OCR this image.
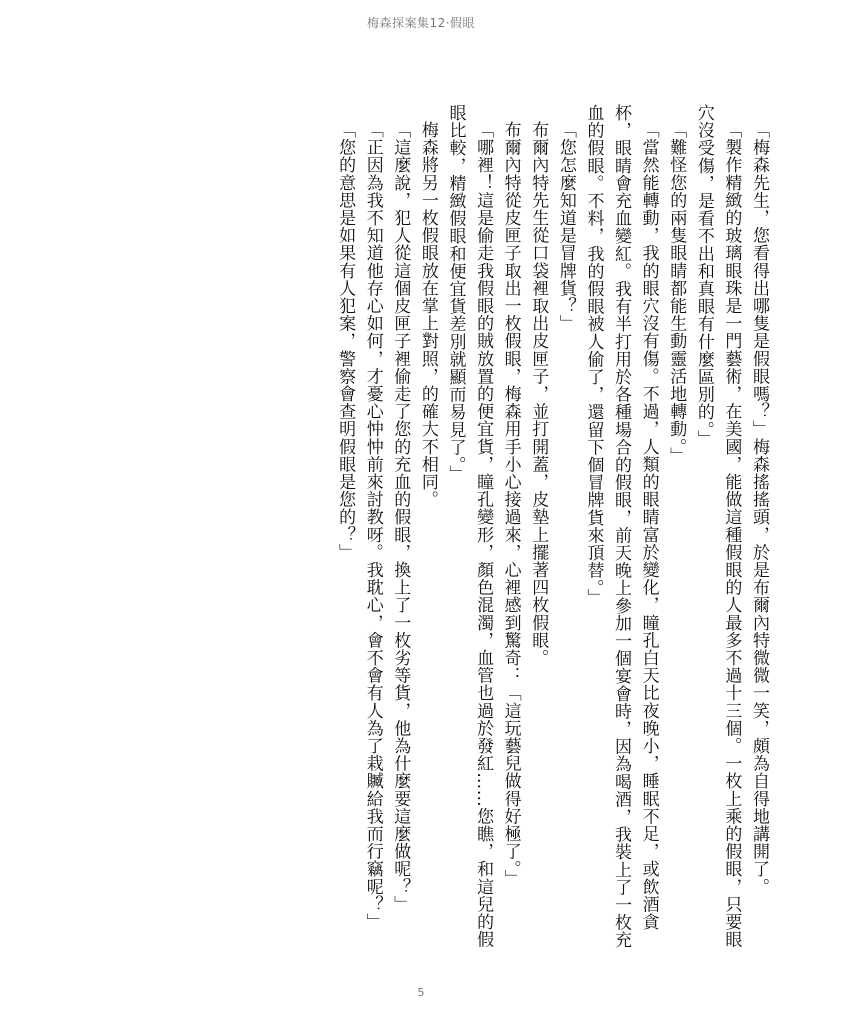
梅森探案集12·假眼

「梅森先生，您看得出哪隻是假眼嗎？」梅森搖搖頭，於是布爾內特微微一笑，頗為自得地講開了。

「製作精緻的玻璃眼珠是一門藝術，在美國，能做這種假眼的人最多不過十三個。一枚上乘的假眼，只要眼穴沒受傷，是看不出和真眼有什麼區別的。」

「難怪您的兩隻眼睛都能生動靈活地轉動。」

「當然能轉動，我的眼穴沒有傷。不過，人類的眼睛富於變化，瞳孔白天比夜晚小，睡眠不足，或飲酒貪杯，眼睛會充血變紅。我有半打用於各種場合的假眼，前天晚上參加一個宴會時，因為喝酒，我裝上了一枚充血的假眼。不料，我的假眼被人偷了，還留下個冒牌貨來頂替。」

「您怎麼知道是冒牌貨？」

布爾內特先生從口袋裡取出皮匣子，並打開蓋，皮墊上擺著四枚假眼。

布爾內特從皮匣子取出一枚假眼，梅森用手小心接過來，心裡感到驚奇：「這玩藝兒做得好極了。」

「哪裡！這是偷走我假眼的賊放置的便宜貨，瞳孔變形，顏色混濁，血管也過於發紅……您瞧，和這兒的假眼比較，精緻假眼和便宜貨差別就顯而易見了。」

梅森將另一枚假眼放在掌上對照，的確大不相同。

「這麼說，犯人從這個皮匣子裡偷走了您的充血的假眼，換上了一枚劣等貨，他為什麼要這麼做呢？」

「正因為我不知道他存心如何，才憂心忡忡前來討教呀。我耽心，會不會有人為了栽贓給我而行竊呢？」

「您的意思是如果有人犯案，警察會查明假眼是您的？」

5
